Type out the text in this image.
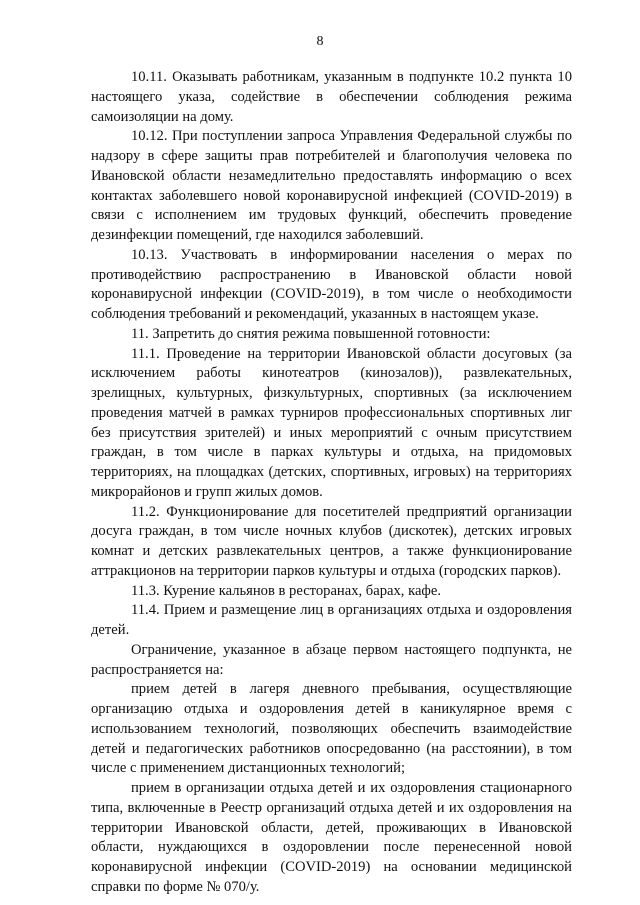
8

10.11. Оказывать работникам, указанным в подпункте 10.2 пункта 10 настоящего указа, содействие в обеспечении соблюдения режима самоизоляции на дому.

10.12. При поступлении запроса Управления Федеральной службы по надзору в сфере защиты прав потребителей и благополучия человека по Ивановской области незамедлительно предоставлять информацию о всех контактах заболевшего новой коронавирусной инфекцией (COVID-2019) в связи с исполнением им трудовых функций, обеспечить проведение дезинфекции помещений, где находился заболевший.

10.13. Участвовать в информировании населения о мерах по противодействию распространению в Ивановской области новой коронавирусной инфекции (COVID-2019), в том числе о необходимости соблюдения требований и рекомендаций, указанных в настоящем указе.

11. Запретить до снятия режима повышенной готовности:

11.1. Проведение на территории Ивановской области досуговых (за исключением работы кинотеатров (кинозалов)), развлекательных, зрелищных, культурных, физкультурных, спортивных (за исключением проведения матчей в рамках турниров профессиональных спортивных лиг без присутствия зрителей) и иных мероприятий с очным присутствием граждан, в том числе в парках культуры и отдыха, на придомовых территориях, на площадках (детских, спортивных, игровых) на территориях микрорайонов и групп жилых домов.

11.2. Функционирование для посетителей предприятий организации досуга граждан, в том числе ночных клубов (дискотек), детских игровых комнат и детских развлекательных центров, а также функционирование аттракционов на территории парков культуры и отдыха (городских парков).

11.3. Курение кальянов в ресторанах, барах, кафе.

11.4. Прием и размещение лиц в организациях отдыха и оздоровления детей.

Ограничение, указанное в абзаце первом настоящего подпункта, не распространяется на:

прием детей в лагеря дневного пребывания, осуществляющие организацию отдыха и оздоровления детей в каникулярное время с использованием технологий, позволяющих обеспечить взаимодействие детей и педагогических работников опосредованно (на расстоянии), в том числе с применением дистанционных технологий;

прием в организации отдыха детей и их оздоровления стационарного типа, включенные в Реестр организаций отдыха детей и их оздоровления на территории Ивановской области, детей, проживающих в Ивановской области, нуждающихся в оздоровлении после перенесенной новой коронавирусной инфекции (COVID-2019) на основании медицинской справки по форме № 070/у.
